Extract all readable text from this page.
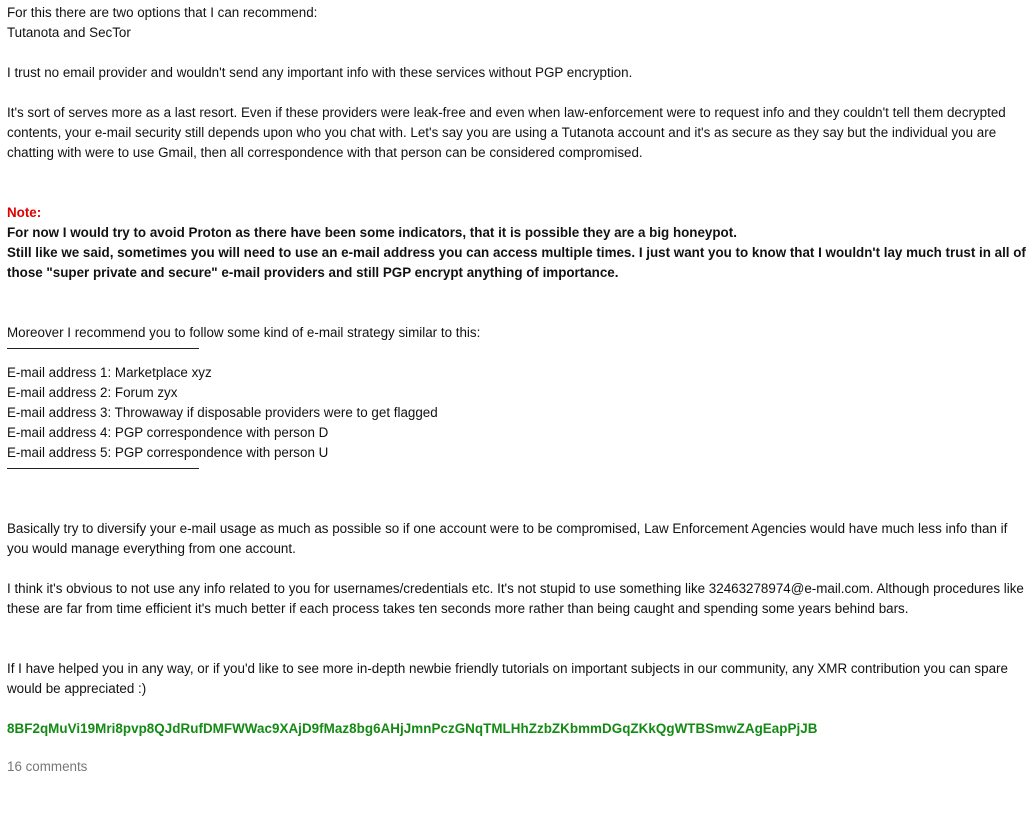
For this there are two options that I can recommend:

Tutanota and SecTor

I trust no email provider and wouldn't send any important info with these services without PGP encryption.

It's sort of serves more as a last resort. Even if these providers were leak-free and even when law-enforcement were to request info and they couldn't tell them decrypted contents, your e-mail security still depends upon who you chat with. Let's say you are using a Tutanota account and it's as secure as they say but the individual you are chatting with were to use Gmail, then all correspondence with that person can be considered compromised.

Note:

For now I would try to avoid Proton as there have been some indicators, that it is possible they are a big honeypot.

Still like we said, sometimes you will need to use an e-mail address you can access multiple times. I just want you to know that I wouldn't lay much trust in all of those "super private and secure" e-mail providers and still PGP encrypt anything of importance.

Moreover I recommend you to follow some kind of e-mail strategy similar to this:

E-mail address 1: Marketplace xyz

E-mail address 2: Forum zyx

E-mail address 3: Throwaway if disposable providers were to get flagged

E-mail address 4: PGP correspondence with person D

E-mail address 5: PGP correspondence with person U

Basically try to diversify your e-mail usage as much as possible so if one account were to be compromised, Law Enforcement Agencies would have much less info than if you would manage everything from one account.

I think it's obvious to not use any info related to you for usernames/credentials etc. It's not stupid to use something like 32463278974@e-mail.com. Although procedures like these are far from time efficient it's much better if each process takes ten seconds more rather than being caught and spending some years behind bars.

If I have helped you in any way, or if you'd like to see more in-depth newbie friendly tutorials on important subjects in our community, any XMR contribution you can spare would be appreciated :)

8BF2qMuVi19Mri8pvp8QJdRufDMFWWac9XAjD9fMaz8bg6AHjJmnPczGNqTMLHhZzbZKbmmDGqZKkQgWTBSmwZAgEapPjJB

16 comments
